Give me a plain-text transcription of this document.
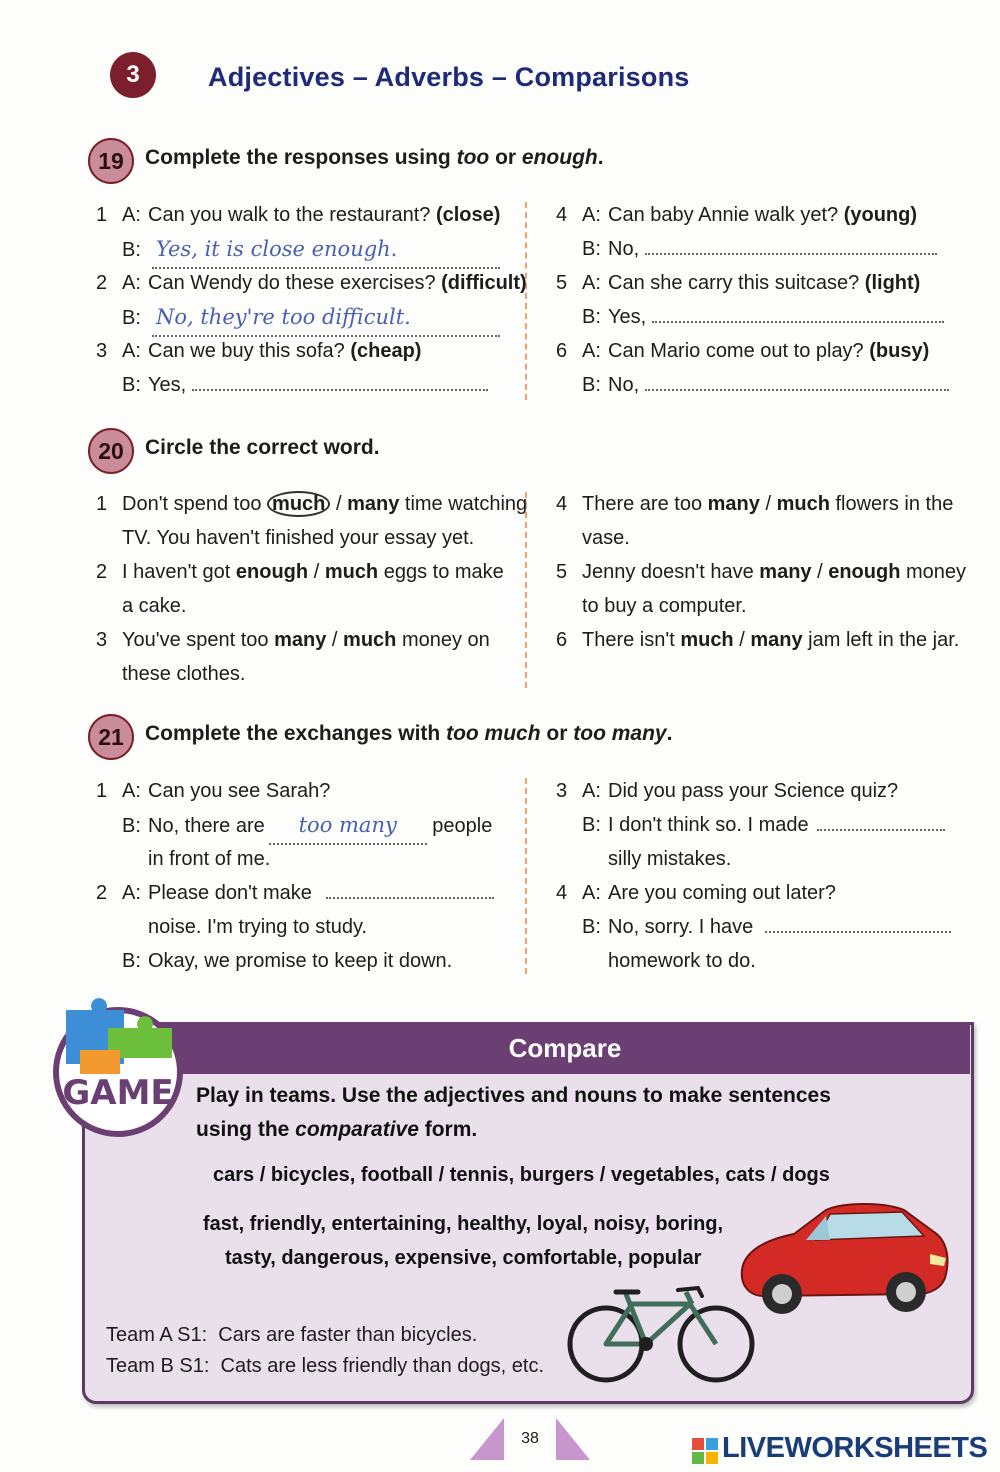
3	Adjectives – Adverbs – Comparisons
19 Complete the responses using too or enough.
1 A: Can you walk to the restaurant? (close)
B: Yes, it is close enough.
2 A: Can Wendy do these exercises? (difficult)
B: No, they're too difficult.
3 A: Can we buy this sofa? (cheap)
B: Yes,
4 A: Can baby Annie walk yet? (young)
B: No,
5 A: Can she carry this suitcase? (light)
B: Yes,
6 A: Can Mario come out to play? (busy)
B: No,
20 Circle the correct word.
1 Don't spend too much / many time watching
TV. You haven't finished your essay yet.
2 I haven't got enough / much eggs to make
a cake.
3 You've spent too many / much money on
these clothes.
4 There are too many / much flowers in the
vase.
5 Jenny doesn't have many / enough money
to buy a computer.
6 There isn't much / many jam left in the jar.
21 Complete the exchanges with too much or too many.
1 A: Can you see Sarah?
B: No, there are too many people
in front of me.
2 A: Please don't make
noise. I'm trying to study.
B: Okay, we promise to keep it down.
3 A: Did you pass your Science quiz?
B: I don't think so. I made
silly mistakes.
4 A: Are you coming out later?
B: No, sorry. I have
homework to do.
Compare
GAME Play in teams. Use the adjectives and nouns to make sentences
using the comparative form.
cars / bicycles, football / tennis, burgers / vegetables, cats / dogs
fast, friendly, entertaining, healthy, loyal, noisy, boring,
tasty, dangerous, expensive, comfortable, popular
Team A S1: Cars are faster than bicycles.
Team B S1: Cats are less friendly than dogs, etc.
38	LIVEWORKSHEETS
